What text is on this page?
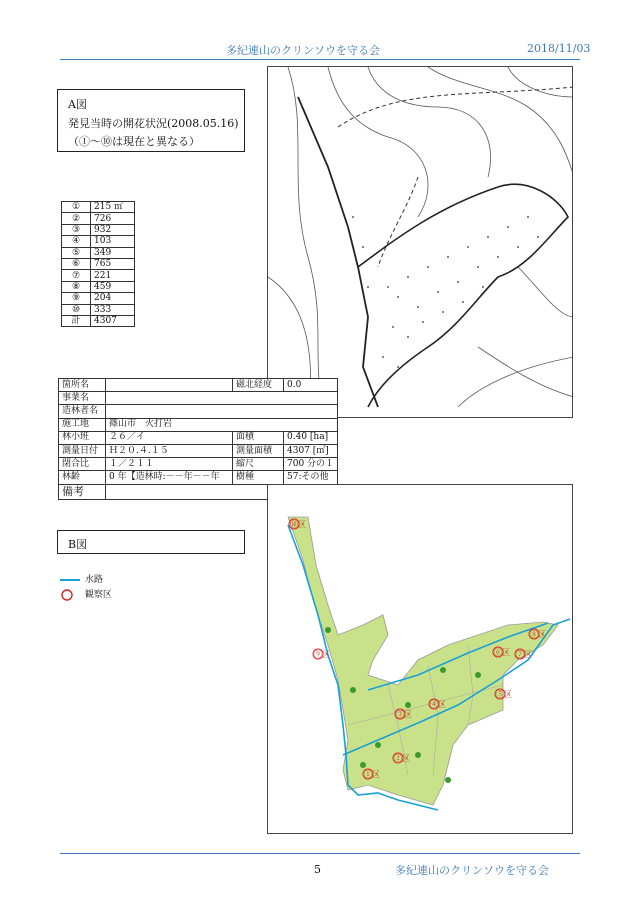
多紀連山のクリンソウを守る会	2018/11/03
A図
発見当時の開花状況(2008.05.16)
（①～⑩は現在と異なる）
①	215 ㎡
②	726
③	932
④	103
⑤	349
⑥	765
⑦	221
⑧	459
⑨	204
⑩	333
計	4307
箇所名		磁北経度	0.0
事業名			
造林者名			
施工地	篠山市　火打岩		
林小班	２６／イ	面積	0.40 [ha]
測量日付	Ｈ２０.４.１５	測量面積	4307 [㎡]
閉合比	１／２１１	縮尺	700 分の１
林齢	0 年【造林時:－－年－－年	樹種	57:その他
備考			
B図
水路
観察区
⑩区
⑨区
⑧区
⑦区
⑥区
⑤区
④区
③区
②区
①区
5	多紀連山のクリンソウを守る会
